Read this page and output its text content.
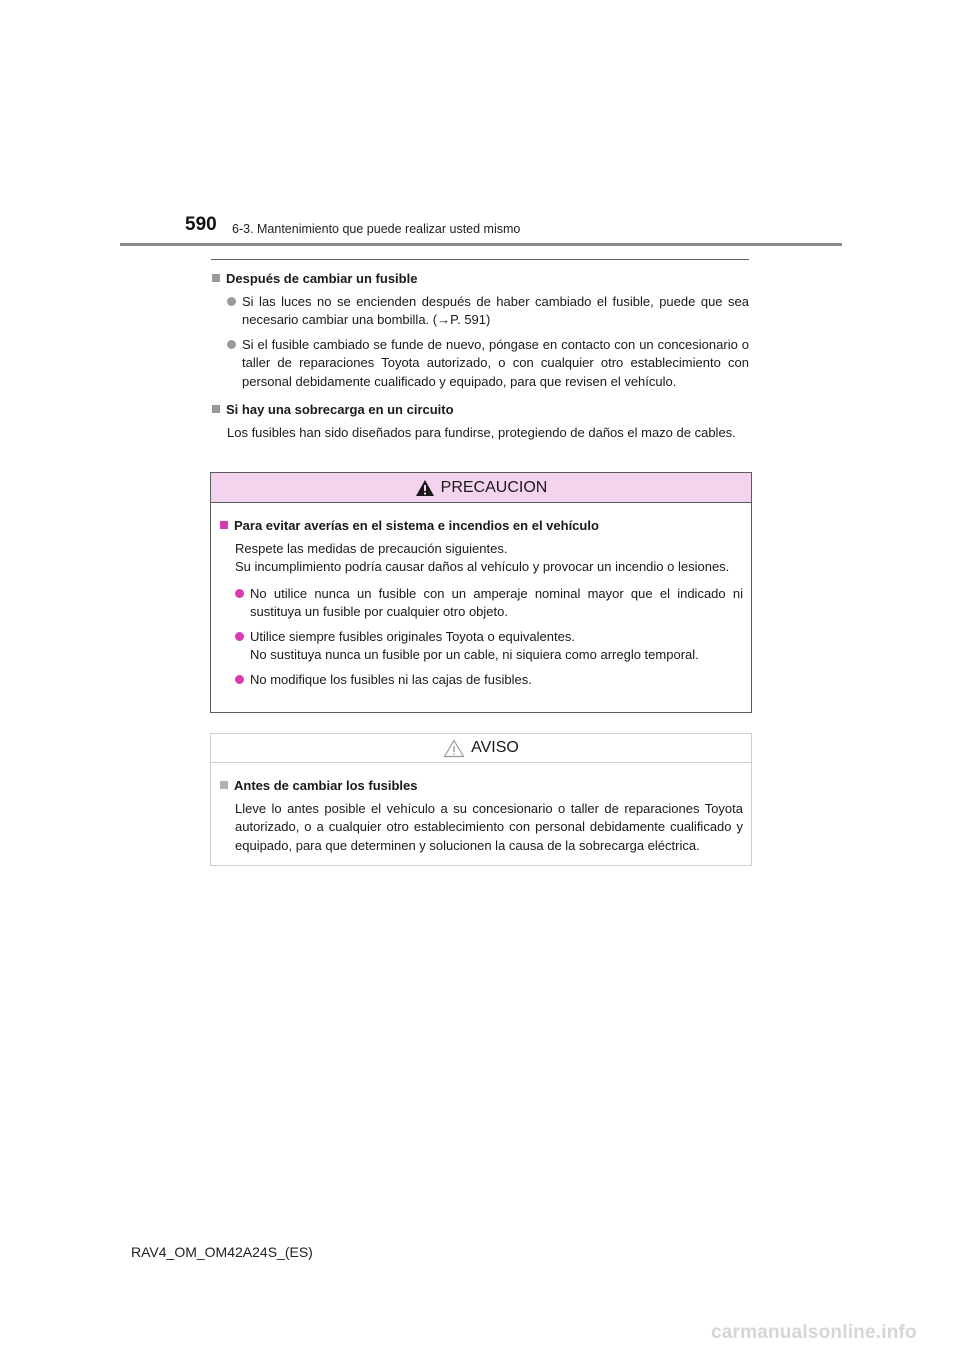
590 6-3. Mantenimiento que puede realizar usted mismo
Después de cambiar un fusible
Si las luces no se encienden después de haber cambiado el fusible, puede que sea necesario cambiar una bombilla. (→P. 591)
Si el fusible cambiado se funde de nuevo, póngase en contacto con un concesionario o taller de reparaciones Toyota autorizado, o con cualquier otro establecimiento con personal debidamente cualificado y equipado, para que revisen el vehículo.
Si hay una sobrecarga en un circuito
Los fusibles han sido diseñados para fundirse, protegiendo de daños el mazo de cables.
PRECAUCION
Para evitar averías en el sistema e incendios en el vehículo
Respete las medidas de precaución siguientes.
Su incumplimiento podría causar daños al vehículo y provocar un incendio o lesiones.
No utilice nunca un fusible con un amperaje nominal mayor que el indicado ni sustituya un fusible por cualquier otro objeto.
Utilice siempre fusibles originales Toyota o equivalentes.
No sustituya nunca un fusible por un cable, ni siquiera como arreglo temporal.
No modifique los fusibles ni las cajas de fusibles.
AVISO
Antes de cambiar los fusibles
Lleve lo antes posible el vehículo a su concesionario o taller de reparaciones Toyota autorizado, o a cualquier otro establecimiento con personal debidamente cualificado y equipado, para que determinen y solucionen la causa de la sobrecarga eléctrica.
RAV4_OM_OM42A24S_(ES)
carmanualsonline.info
